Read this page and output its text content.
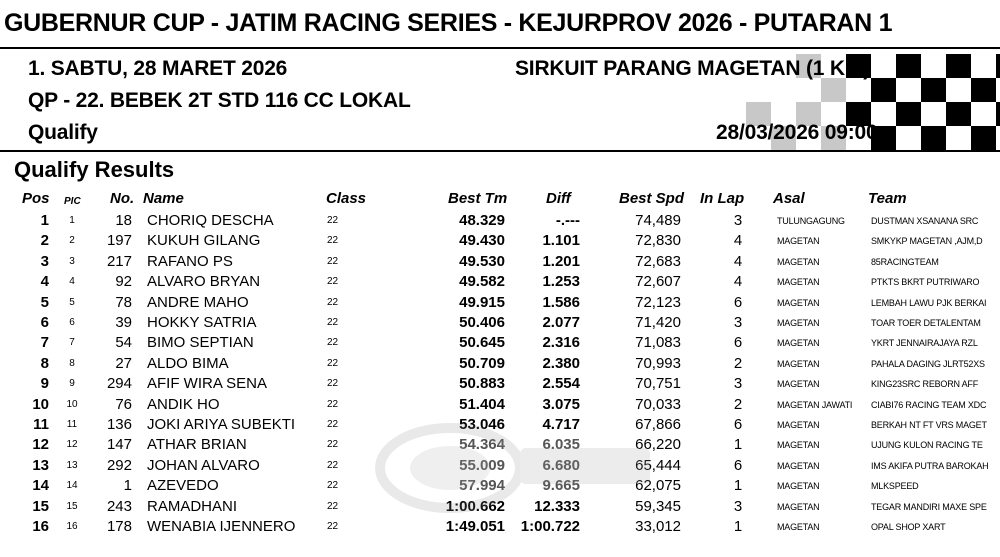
GUBERNUR CUP - JATIM RACING SERIES - KEJURPROV 2026 - PUTARAN 1
1. SABTU, 28 MARET 2026	SIRKUIT PARANG MAGETAN (1 Km)
QP - 22. BEBEK 2T STD 116 CC LOKAL
Qualify	28/03/2026 09:00
Qualify Results
Pos PIC No. Name	Class	Best Tm	Diff	Best Spd In Lap Asal	Team
1	1	18 CHORIQ DESCHA	22	48.329	-.---	74,489	3	TULUNGAGUNG	DUSTMAN XSANANA SRC
2	2	197 KUKUH GILANG	22	49.430	1.101	72,830	4	MAGETAN	SMKYKP MAGETAN ,AJM,D
3	3	217 RAFANO PS	22	49.530	1.201	72,683	4	MAGETAN	85RACINGTEAM
4	4	92 ALVARO BRYAN	22	49.582	1.253	72,607	4	MAGETAN	PTKTS BKRT PUTRIWARO
5	5	78 ANDRE MAHO	22	49.915	1.586	72,123	6	MAGETAN	LEMBAH LAWU PJK BERKAI
6	6	39 HOKKY SATRIA	22	50.406	2.077	71,420	3	MAGETAN	TOAR TOER DETALENTAM
7	7	54 BIMO SEPTIAN	22	50.645	2.316	71,083	6	MAGETAN	YKRT JENNAIRAJAYA RZL
8	8	27 ALDO BIMA	22	50.709	2.380	70,993	2	MAGETAN	PAHALA DAGING JLRT52XS
9	9	294 AFIF WIRA SENA	22	50.883	2.554	70,751	3	MAGETAN	KING23SRC REBORN AFF
10	10	76 ANDIK HO	22	51.404	3.075	70,033	2	MAGETAN JAWATI	CIABI76 RACING TEAM XDC
11	11	136 JOKI ARIYA SUBEKTI	22	53.046	4.717	67,866	6	MAGETAN	BERKAH NT FT VRS MAGET
12	12	147 ATHAR BRIAN	22	54.364	6.035	66,220	1	MAGETAN	UJUNG KULON RACING TE
13	13	292 JOHAN ALVARO	22	55.009	6.680	65,444	6	MAGETAN	IMS AKIFA PUTRA BAROKAH
14	14	1 AZEVEDO	22	57.994	9.665	62,075	1	MAGETAN	MLKSPEED
15	15	243 RAMADHANI	22	1:00.662	12.333	59,345	3	MAGETAN	TEGAR MANDIRI MAXE SPE
16	16	178 WENABIA IJENNERO	22	1:49.051	1:00.722	33,012	1	MAGETAN	OPAL SHOP XART
